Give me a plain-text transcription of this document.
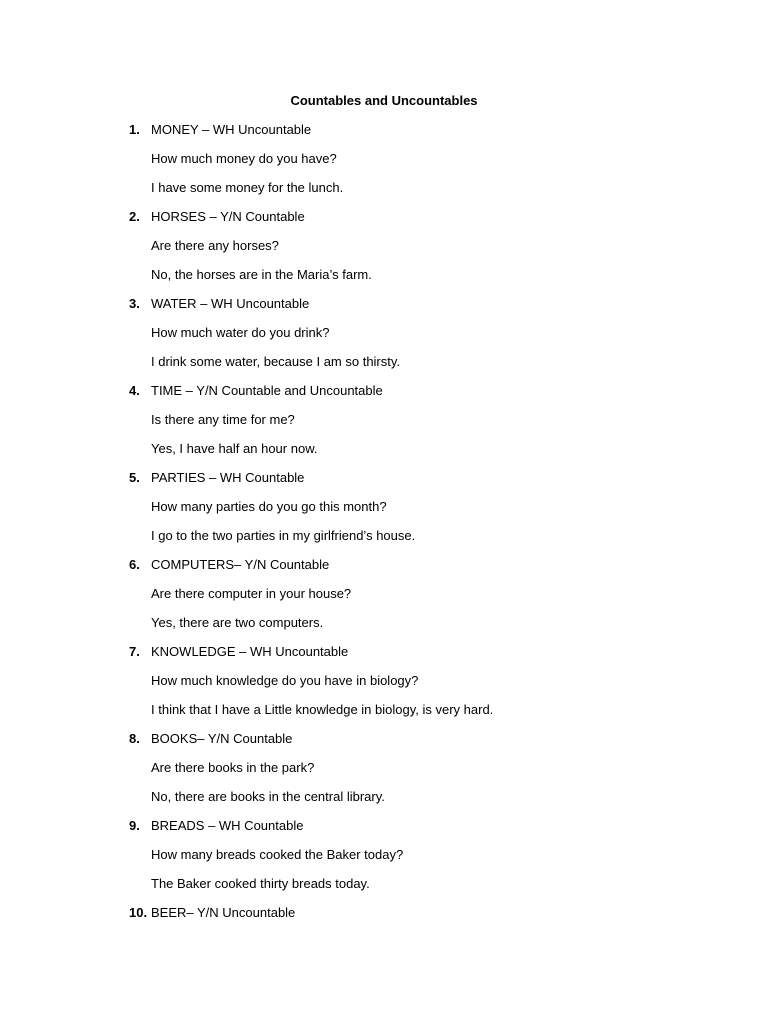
Countables and Uncountables
1. MONEY – WH Uncountable
How much money do you have?
I have some money for the lunch.
2. HORSES – Y/N Countable
Are there any horses?
No, the horses are in the Maria’s farm.
3. WATER – WH Uncountable
How much water do you drink?
I drink some water, because I am so thirsty.
4. TIME – Y/N Countable and Uncountable
Is there any time for me?
Yes, I have half an hour now.
5. PARTIES – WH Countable
How many parties do you go this month?
I go to the two parties in my girlfriend’s house.
6. COMPUTERS– Y/N Countable
Are there computer in your house?
Yes, there are two computers.
7. KNOWLEDGE – WH Uncountable
How much knowledge do you have in biology?
I think that I have a Little knowledge in biology, is very hard.
8. BOOKS– Y/N Countable
Are there books in the park?
No, there are books in the central library.
9. BREADS – WH Countable
How many breads cooked the Baker today?
The Baker cooked thirty breads today.
10. BEER– Y/N Uncountable
